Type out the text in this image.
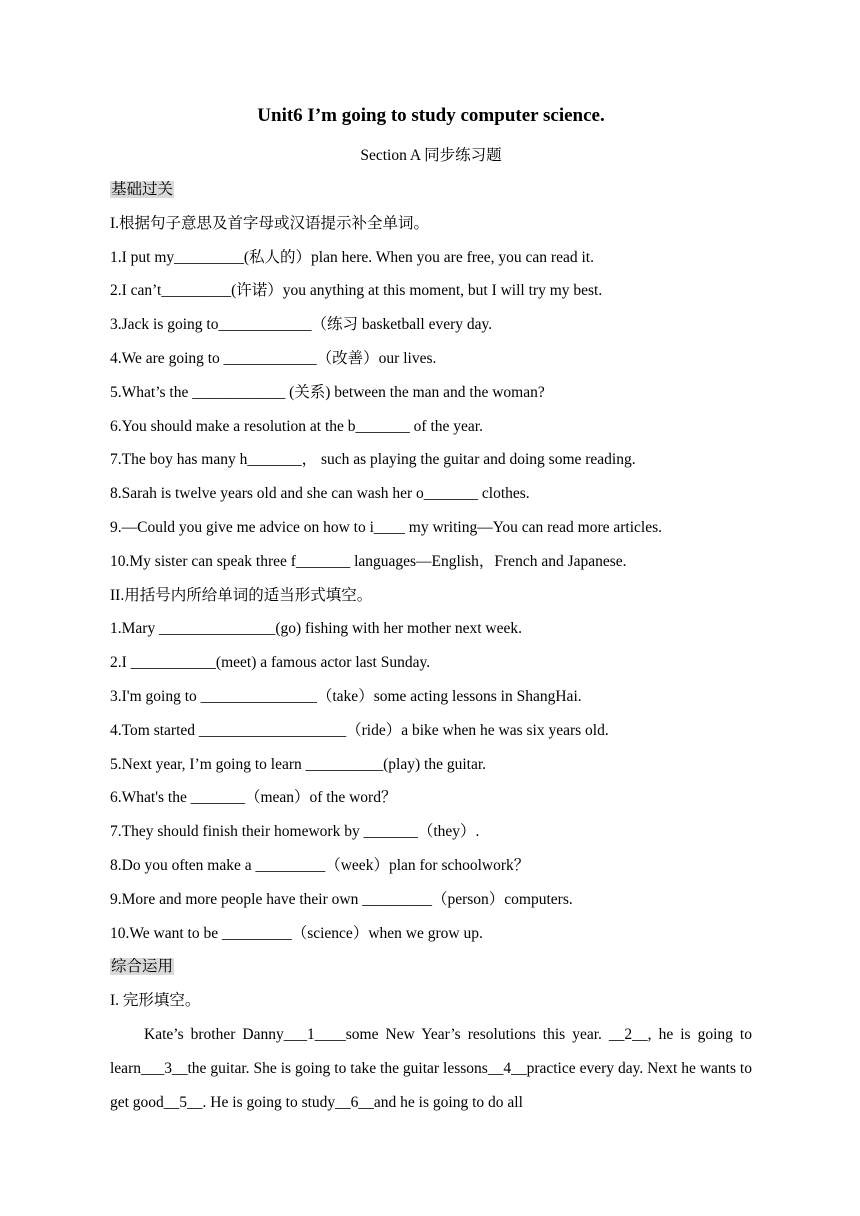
Unit6 I’m going to study computer science.
Section A 同步练习题
基础过关
I.根据句子意思及首字母或汉语提示补全单词。
1.I put my_________(私人的）plan here. When you are free, you can read it.
2.I can’t_________(许诺）you anything at this moment, but I will try my best.
3.Jack is going to____________（练习 basketball every day.
4.We are going to ____________（改善）our lives.
5.What’s the ____________ (关系) between the man and the woman?
6.You should make a resolution at the b_______ of the year.
7.The boy has many h_______， such as playing the guitar and doing some reading.
8.Sarah is twelve years old and she can wash her o_______ clothes.
9.—Could you give me advice on how to i____ my writing—You can read more articles.
10.My sister can speak three f_______ languages—English，French and Japanese.
II.用括号内所给单词的适当形式填空。
1.Mary _______________(go) fishing with her mother next week.
2.I ___________(meet) a famous actor last Sunday.
3.I'm going to _______________（take）some acting lessons in ShangHai.
4.Tom started ___________________（ride）a bike when he was six years old.
5.Next year, I’m going to learn __________(play) the guitar.
6.What's the _______（mean）of the word？
7.They should finish their homework by _______（they）.
8.Do you often make a _________（week）plan for schoolwork？
9.More and more people have their own _________（person）computers.
10.We want to be _________（science）when we grow up.
综合运用
I. 完形填空。

Kate’s brother Danny___1____some New Year’s resolutions this year. __2__, he is going to learn___3__the guitar. She is going to take the guitar lessons__4__practice every day. Next he wants to get good__5__. He is going to study__6__and he is going to do all
